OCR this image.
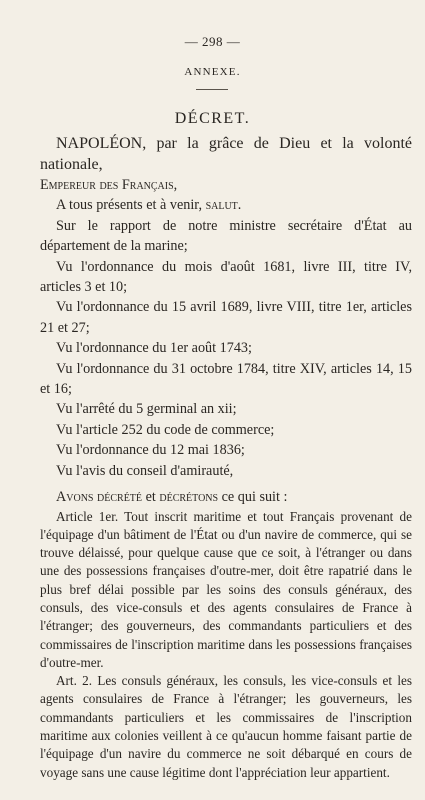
— 298 —
ANNEXE.
DÉCRET.

NAPOLÉON, par la grâce de Dieu et la volonté nationale,

Empereur des Français,

A tous présents et à venir, salut.

Sur le rapport de notre ministre secrétaire d'État au département de la marine;

Vu l'ordonnance du mois d'août 1681, livre III, titre IV, articles 3 et 10;

Vu l'ordonnance du 15 avril 1689, livre VIII, titre 1er, articles 21 et 27;

Vu l'ordonnance du 1er août 1743;

Vu l'ordonnance du 31 octobre 1784, titre XIV, articles 14, 15 et 16;

Vu l'arrêté du 5 germinal an xii;

Vu l'article 252 du code de commerce;

Vu l'ordonnance du 12 mai 1836;

Vu l'avis du conseil d'amirauté,

Avons décrété et décrétons ce qui suit :

Article 1er. Tout inscrit maritime et tout Français provenant de l'équipage d'un bâtiment de l'État ou d'un navire de commerce, qui se trouve délaissé, pour quelque cause que ce soit, à l'étranger ou dans une des possessions françaises d'outre-mer, doit être rapatrié dans le plus bref délai possible par les soins des consuls généraux, des consuls, des vice-consuls et des agents consulaires de France à l'étranger; des gouverneurs, des commandants particuliers et des commissaires de l'inscription maritime dans les possessions françaises d'outre-mer.

Art. 2. Les consuls généraux, les consuls, les vice-consuls et les agents consulaires de France à l'étranger; les gouverneurs, les commandants particuliers et les commissaires de l'inscription maritime aux colonies veillent à ce qu'aucun homme faisant partie de l'équipage d'un navire du commerce ne soit débarqué en cours de voyage sans une cause légitime dont l'appréciation leur appartient.
